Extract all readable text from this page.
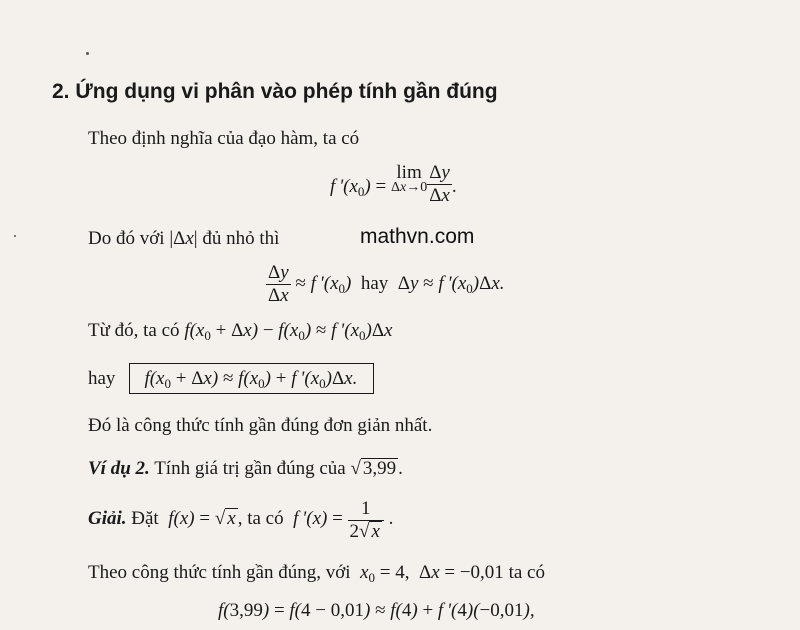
2. Ứng dụng vi phân vào phép tính gần đúng
Theo định nghĩa của đạo hàm, ta có
f '$(x_0) = \lim$
$\Delta x\to 0 \frac{\Delta y}{\Delta x}$ .
Do đó với |Δx| đủ nhỏ thì	mathvn.com
$\frac{\Delta y}{\Delta x} \approx f$ '$(x_0)$  hay Δy ≈ f '$(x_0)\Delta x$.
Từ đó, ta có $f(x_0 + \Delta x) - f(x_0) \approx f$ '$(x_0)\Delta x$
hay $f(x_0 + \Delta x) \approx f(x_0) + f$ '$(x_0)\Delta x$.
Đó là công thức tính gần đúng đơn giản nhất.
Ví dụ 2. Tính giá trị gần đúng của √ 3,99 .
Giải. Đặt  f(x) = √ x , ta có  f '$(x) = \frac{1}{2√ x}$ .
Theo công thức tính gần đúng, với  $x_0 = 4$,  Δx = −0,01 ta có
f(3,99) = f(4 − 0,01) ≈ f(4) + f '(4)(−0,01),
